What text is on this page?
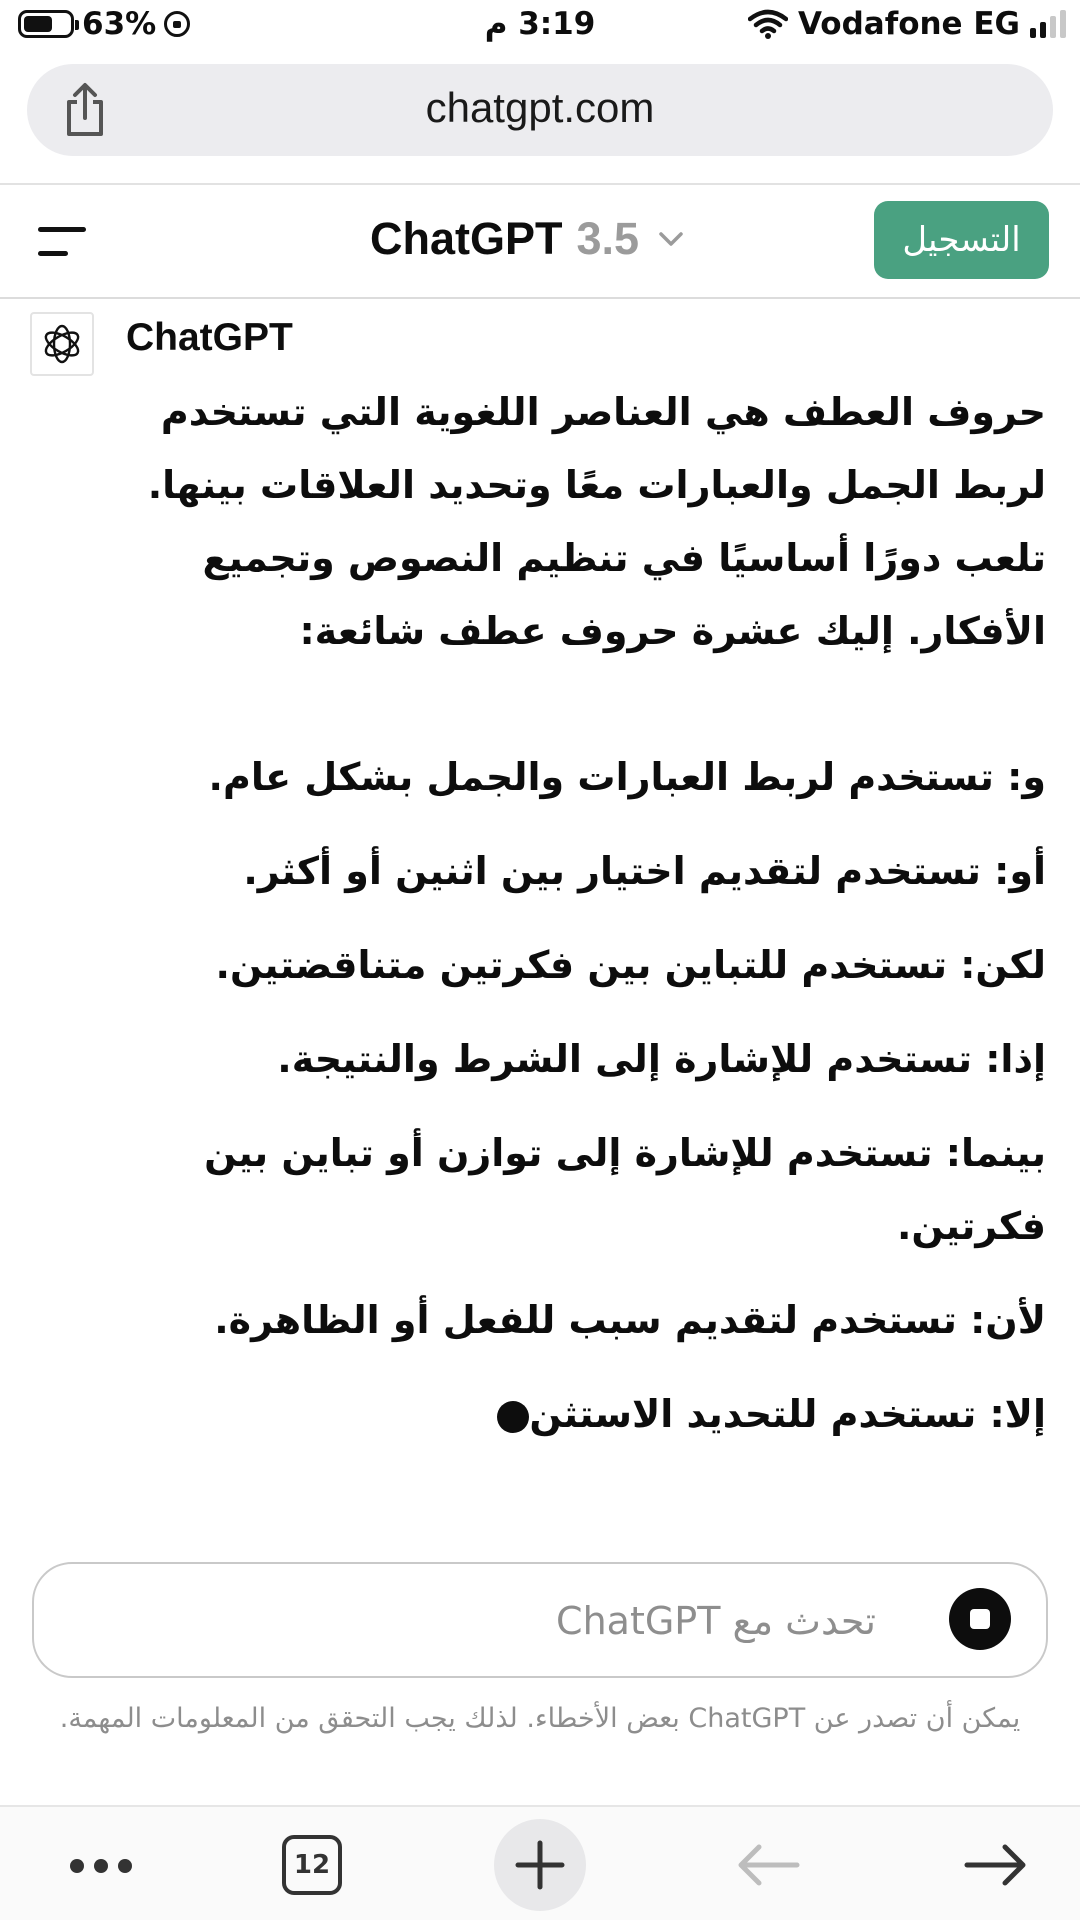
63%	3:19 م	Vodafone EG
chatgpt.com
ChatGPT 3.5	التسجيل
ChatGPT

حروف العطف هي العناصر اللغوية التي تستخدم لربط الجمل والعبارات معًا وتحديد العلاقات بينها. تلعب دورًا أساسيًا في تنظيم النصوص وتجميع الأفكار. إليك عشرة حروف عطف شائعة:

و: تستخدم لربط العبارات والجمل بشكل عام.

أو: تستخدم لتقديم اختيار بين اثنين أو أكثر.

لكن: تستخدم للتباين بين فكرتين متناقضتين.

إذا: تستخدم للإشارة إلى الشرط والنتيجة.

بينما: تستخدم للإشارة إلى توازن أو تباين بين فكرتين.

لأن: تستخدم لتقديم سبب للفعل أو الظاهرة.

إلا: تستخدم للتحديد الاستثن

تحدث مع ChatGPT
يمكن أن تصدر عن ChatGPT بعض الأخطاء. لذلك يجب التحقق من المعلومات المهمة.
12
